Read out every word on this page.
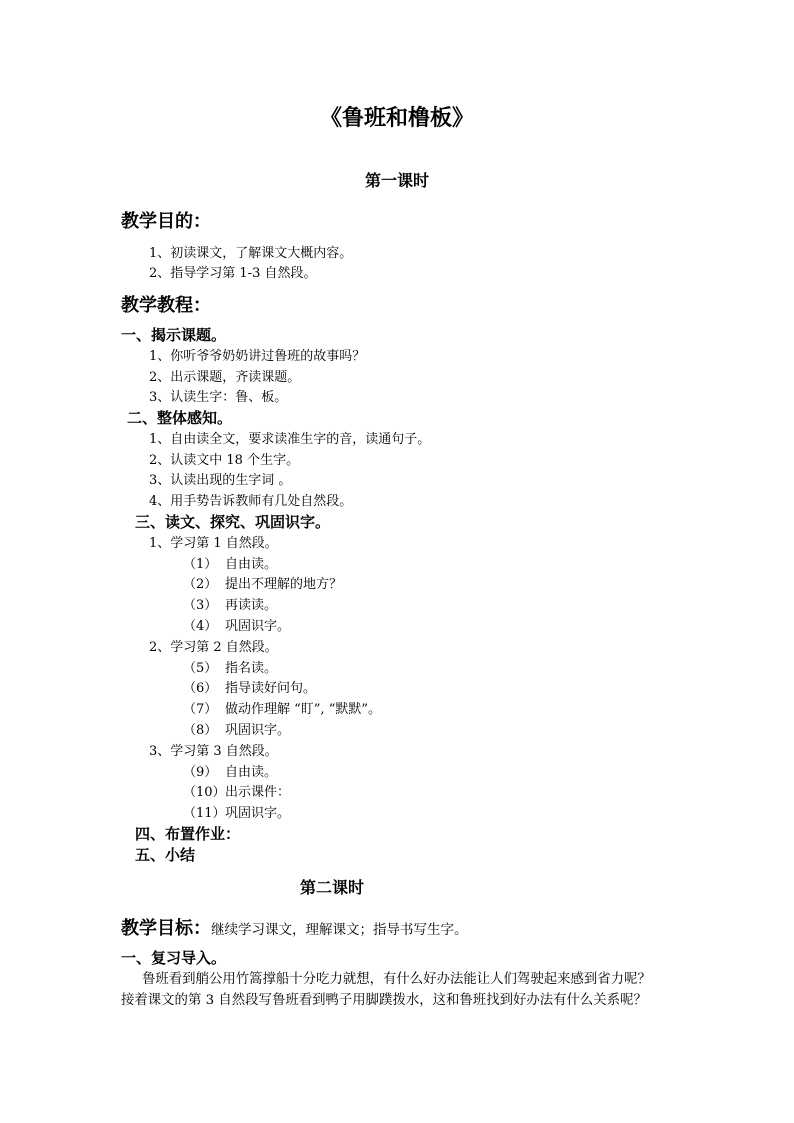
《鲁班和橹板》
第一课时
教学目的：
1、初读课文，了解课文大概内容。
2、指导学习第 1-3 自然段。
教学教程：
一、揭示课题。
1、你听爷爷奶奶讲过鲁班的故事吗？
2、出示课题，齐读课题。
3、认读生字：鲁、板。
二、整体感知。
1、自由读全文，要求读准生字的音，读通句子。
2、认读文中 18 个生字。
3、认读出现的生字词 。
4、用手势告诉教师有几处自然段。
三、读文、探究、巩固识字。
1、学习第 1 自然段。
（1） 自由读。
（2） 提出不理解的地方？
（3） 再读读。
（4） 巩固识字。
2、学习第 2 自然段。
（5） 指名读。
（6） 指导读好问句。
（7） 做动作理解 “盯”, “默默”。
（8） 巩固识字。
3、学习第 3 自然段。
（9） 自由读。
（10）出示课件：
（11）巩固识字。
四、布置作业：
五、小结
第二课时
教学目标：继续学习课文，理解课文；指导书写生字。
一、复习导入。
鲁班看到艄公用竹篙撑船十分吃力就想，有什么好办法能让人们驾驶起来感到省力呢？
接着课文的第 3 自然段写鲁班看到鸭子用脚蹼拨水，这和鲁班找到好办法有什么关系呢？
